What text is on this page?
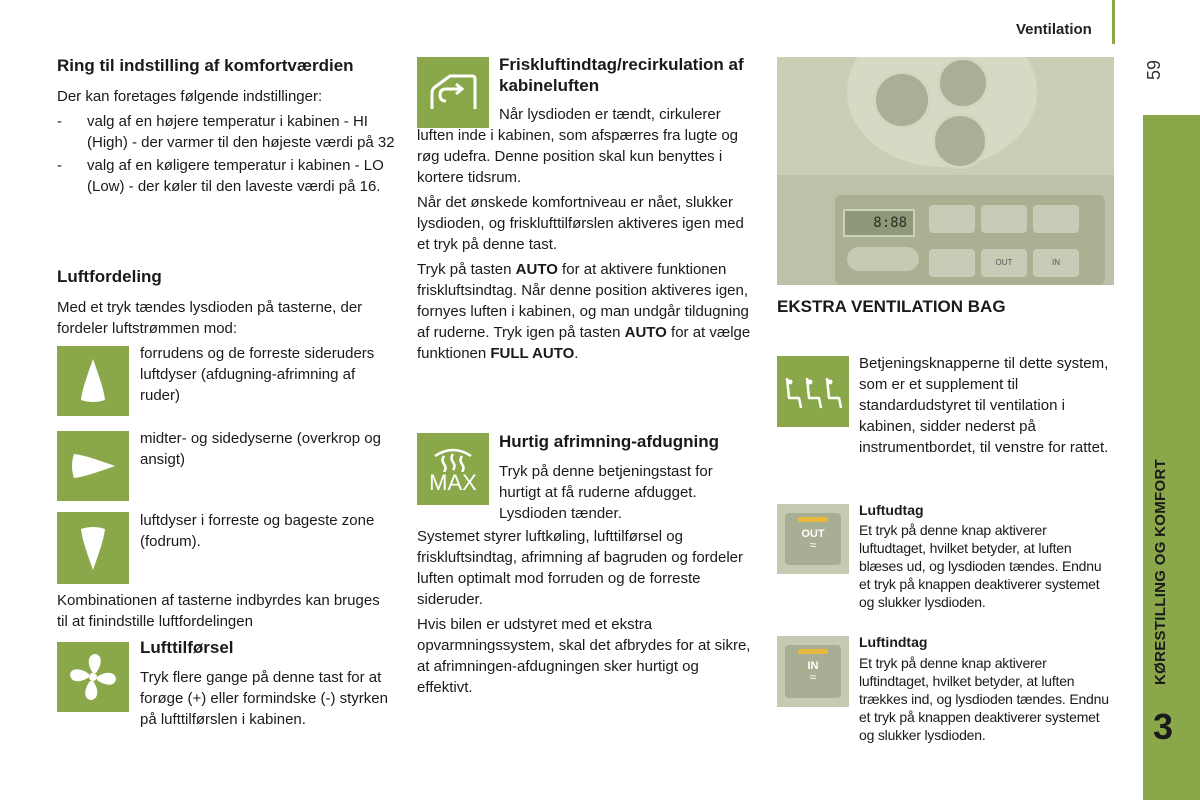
Ventilation
59
KØRESTILLING OG KOMFORT
3

Ring til indstilling af komfortværdien

Der kan foretages følgende indstillinger:

- valg af en højere temperatur i kabinen - HI (High) - der varmer til den højeste værdi på 32
- valg af en køligere temperatur i kabinen - LO (Low) - der køler til den laveste værdi på 16.
Luftfordeling

Med et tryk tændes lysdioden på tasterne, der fordeler luftstrømmen mod:

forrudens og de forreste sideruders luftdyser (afdugning-afrimning af ruder)

midter- og sidedyserne (overkrop og ansigt)

luftdyser i forreste og bageste zone (fodrum).

Kombinationen af tasterne indbyrdes kan bruges til at finindstille luftfordelingen

Lufttilførsel

Tryk flere gange på denne tast for at forøge (+) eller formindske (-) styrken på lufttilførslen i kabinen.

Friskluftindtag/recirkulation af kabineluften

Når lysdioden er tændt, cirkulerer luften inde i kabinen, som afspærres fra lugte og røg udefra. Denne position skal kun benyttes i kortere tidsrum.

Når det ønskede komfortniveau er nået, slukker lysdioden, og frisklufttilførslen aktiveres igen med et tryk på denne tast.

Tryk på tasten AUTO for at aktivere funktionen friskluftsindtag. Når denne position aktiveres igen, fornyes luften i kabinen, og man undgår tildugning af ruderne. Tryk igen på tasten AUTO for at vælge funktionen FULL AUTO.

MAX
Hurtig afrimning-afdugning

Tryk på denne betjeningstast for hurtigt at få ruderne afdugget. Lysdioden tænder.

Systemet styrer luftkøling, lufttilførsel og friskluftsindtag, afrimning af bagruden og fordeler luften optimalt mod forruden og de forreste sideruder.

Hvis bilen er udstyret med et ekstra opvarmningssystem, skal det afbrydes for at sikre, at afrimningen-afdugningen sker hurtigt og effektivt.

8:88
OUT	IN
EKSTRA VENTILATION BAG

Betjeningsknapperne til dette system, som er et supplement til standardudstyret til ventilation i kabinen, sidder nederst på instrumentbordet, til venstre for rattet.

OUT
≈
Luftudtag

Et tryk på denne knap aktiverer luftudtaget, hvilket betyder, at luften blæses ud, og lysdioden tændes. Endnu et tryk på knappen deaktiverer systemet og slukker lysdioden.

IN
≈
Luftindtag

Et tryk på denne knap aktiverer luftindtaget, hvilket betyder, at luften trækkes ind, og lysdioden tændes. Endnu et tryk på knappen deaktiverer systemet og slukker lysdioden.
